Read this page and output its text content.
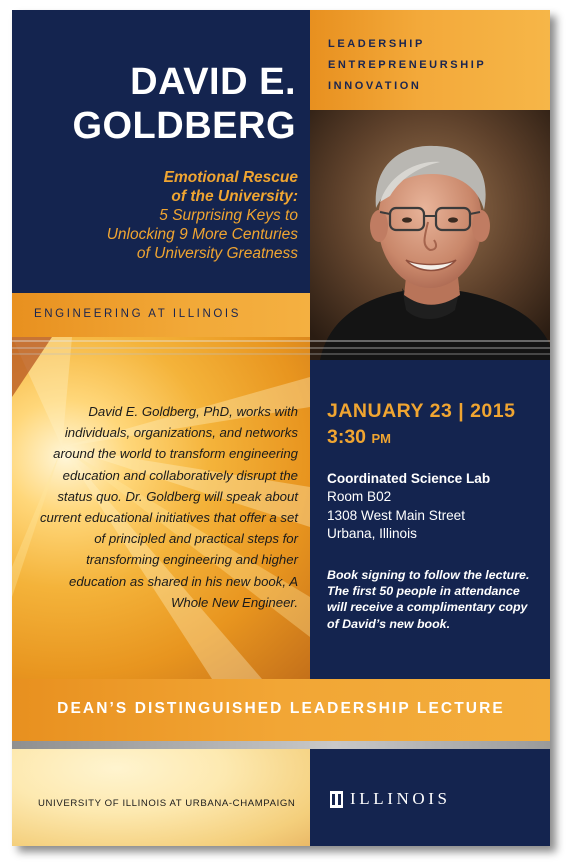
DAVID E.
GOLDBERG
Emotional Rescue
of the University:
5 Surprising Keys to
Unlocking 9 More Centuries
of University Greatness
LEADERSHIP
ENTREPRENEURSHIP
INNOVATION
ENGINEERING AT ILLINOIS
David E. Goldberg, PhD, works with individuals, organizations, and networks around the world to transform engineering education and collaboratively disrupt the status quo. Dr. Goldberg will speak about current educational initiatives that offer a set of principled and practical steps for transforming engineering and higher education as shared in his new book, A Whole New Engineer.
JANUARY 23 | 2015
3:30 PM
Coordinated Science Lab
Room B02
1308 West Main Street
Urbana, Illinois
Book signing to follow the lecture. The first 50 people in attendance will receive a complimentary copy of David’s new book.
DEAN’S DISTINGUISHED LEADERSHIP LECTURE
UNIVERSITY OF ILLINOIS AT URBANA-CHAMPAIGN	ILLINOIS
